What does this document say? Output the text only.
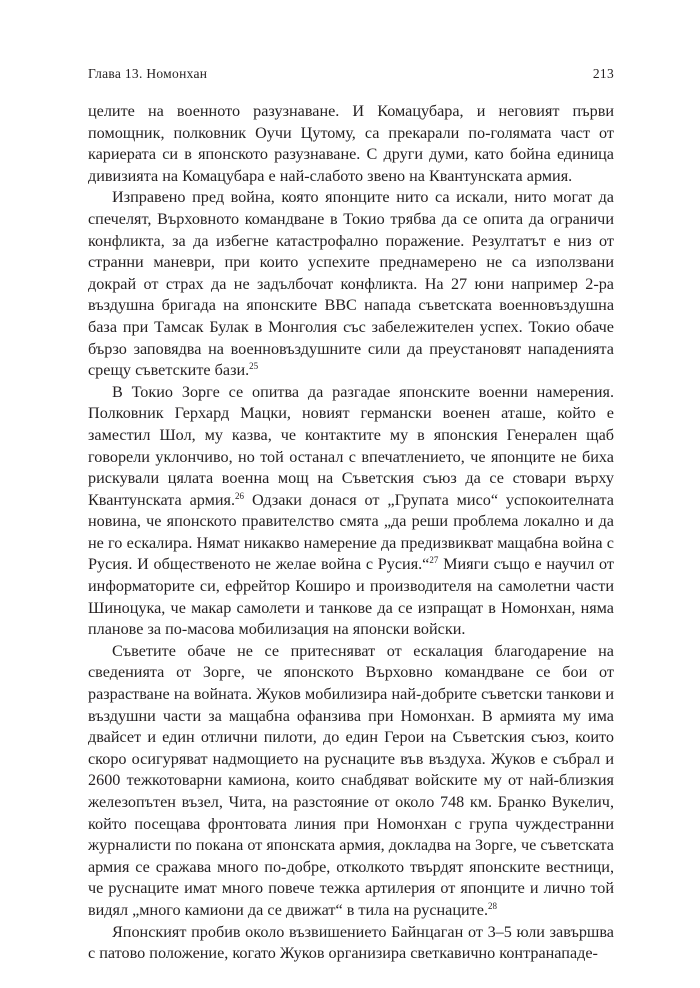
Глава 13. Номонхан	213

целите на военното разузнаване. И Комацубара, и неговият първи помощник, полковник Оучи Цутому, са прекарали по-голямата част от кариерата си в японското разузнаване. С други думи, като бойна единица дивизията на Комацубара е най-слабото звено на Квантунската армия.

Изправено пред война, която японците нито са искали, нито могат да спечелят, Върховното командване в Токио трябва да се опита да ограничи конфликта, за да избегне катастрофално поражение. Резултатът е низ от странни маневри, при които успехите преднамерено не са използвани докрай от страх да не задълбочат конфликта. На 27 юни например 2-ра въздушна бригада на японските ВВС напада съветската военновъздушна база при Тамсак Булак в Монголия със забележителен успех. Токио обаче бързо заповядва на военновъздушните сили да преустановят нападенията срещу съветските бази.$^{25}$

В Токио Зорге се опитва да разгадае японските военни намерения. Полковник Герхард Мацки, нoвият германски военен аташе, който е заместил Шол, му казва, че контактите му в японския Генерален щаб говорели уклончиво, но той останал с впечатлението, че японците не биха рискували цялата военна мощ на Съветския съюз да се стовари върху Квантунската армия.$^{26}$ Одзаки донася от „Групата мисо“ успокоителната новина, че японското правителство смята „да реши проблема локално и да не го ескалира. Нямат никакво намерение да предизвикват мащабна война с Русия. И общественото не желае война с Русия.“$^{27}$ Мияги също е научил от информаторите си, ефрейтор Коширо и производителя на самолетни части Шиноцука, че макар самолети и танкове да се изпращат в Номонхан, няма планове за по-масова мобилизация на японски войски.

Съветите обаче не се притесняват от ескалация благодарение на сведенията от Зорге, че японското Върховно командване се бои от разрастване на войната. Жуков мобилизира най-добрите съветски танкови и въздушни части за мащабна офанзива при Номонхан. В армията му има двайсет и един отлични пилоти, до един Герои на Съветския съюз, които скоро осигуряват надмощието на руснаците във въздуха. Жуков е събрал и 2600 тежкотоварни камиона, които снабдяват войските му от най-близкия железопътен възел, Чита, на разстояние от около 748 км. Бранко Вукелич, който посещава фронтовата линия при Номонхан с група чуждестранни журналисти по покана от японската армия, докладва на Зорге, че съветската армия се сражава много по-добре, отколкото твърдят японските вестници, че руснаците имат много повече тежка артилерия от японците и лично той видял „много камиони да се движат“ в тила на руснаците.$^{28}$

Японският пробив около възвишението Байнцаган от 3–5 юли завършва с патово положение, когато Жуков организира светкавично контранападе-
